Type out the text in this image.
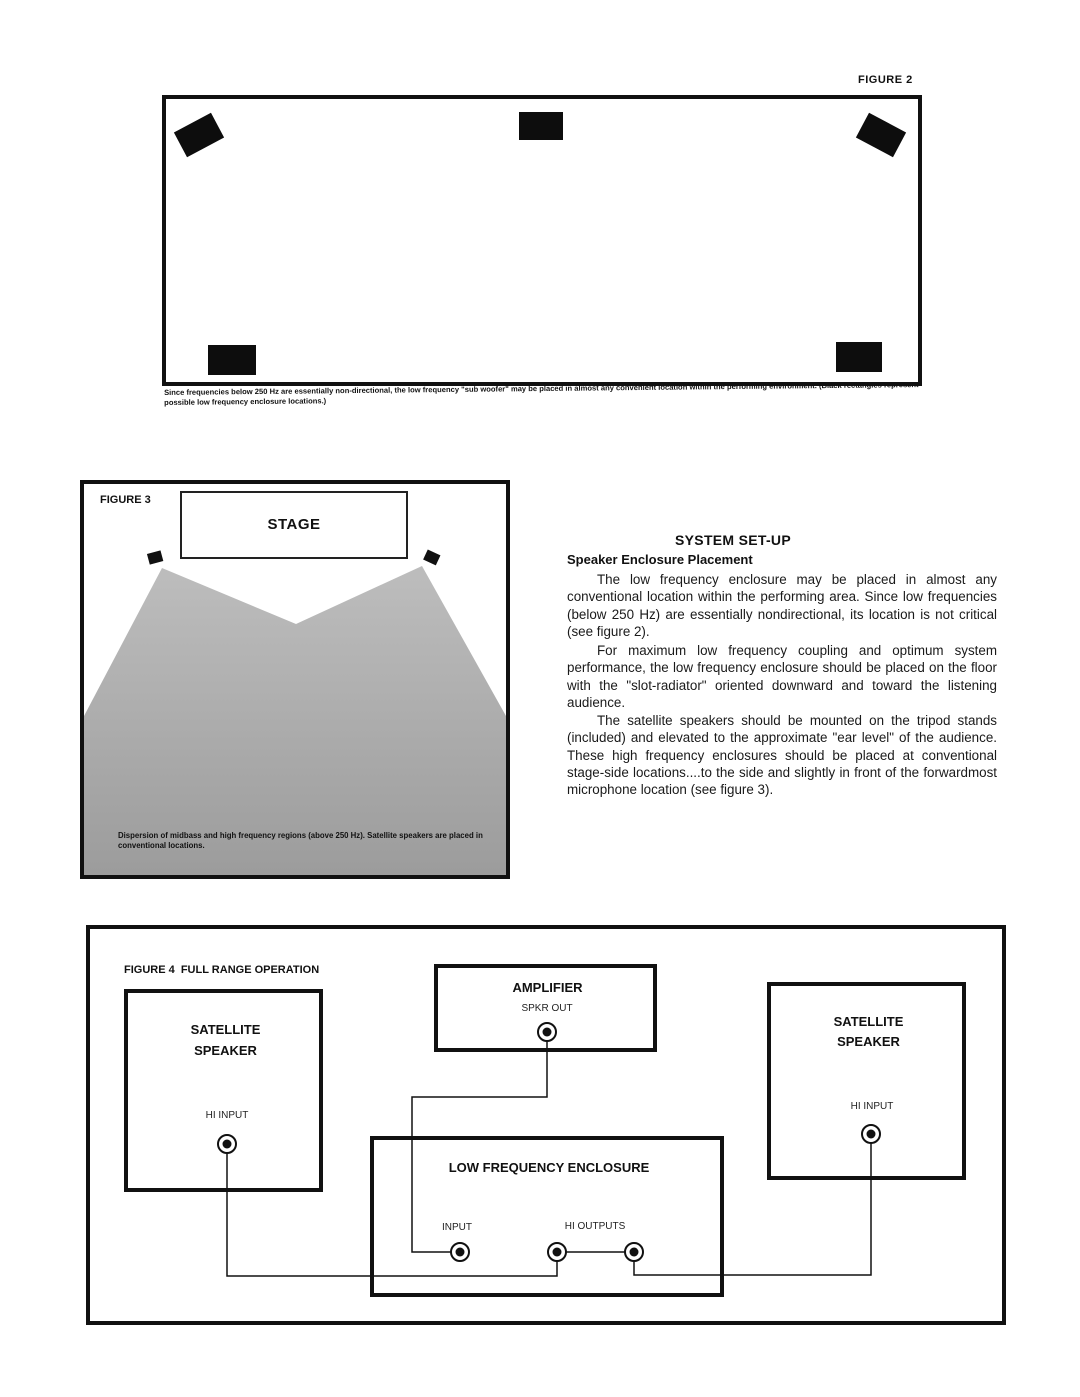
FIGURE 2
Since frequencies below 250 Hz are essentially non-directional, the low frequency "sub woofer" may be placed in almost any convenient location within the performing environment. (Black rectangles represent possible low frequency enclosure locations.)
FIGURE 3
STAGE
Dispersion of midbass and high frequency regions (above 250 Hz). Satellite speakers are placed in conventional locations.
SYSTEM SET-UP
Speaker Enclosure Placement
The low frequency enclosure may be placed in almost any conventional location within the performing area. Since low frequencies (below 250 Hz) are essentially nondirectional, its location is not critical (see figure 2).
For maximum low frequency coupling and optimum system performance, the low frequency enclosure should be placed on the floor with the "slot-radiator" oriented downward and toward the listening audience.
The satellite speakers should be mounted on the tripod stands (included) and elevated to the approximate "ear level" of the audience. These high frequency enclosures should be placed at conventional stage-side locations....to the side and slightly in front of the forwardmost microphone location (see figure 3).
FIGURE 4  FULL RANGE OPERATION
SATELLITE
SPEAKER
HI INPUT
AMPLIFIER
SPKR OUT
SATELLITE
SPEAKER
HI INPUT
LOW FREQUENCY ENCLOSURE
INPUT	HI OUTPUTS
